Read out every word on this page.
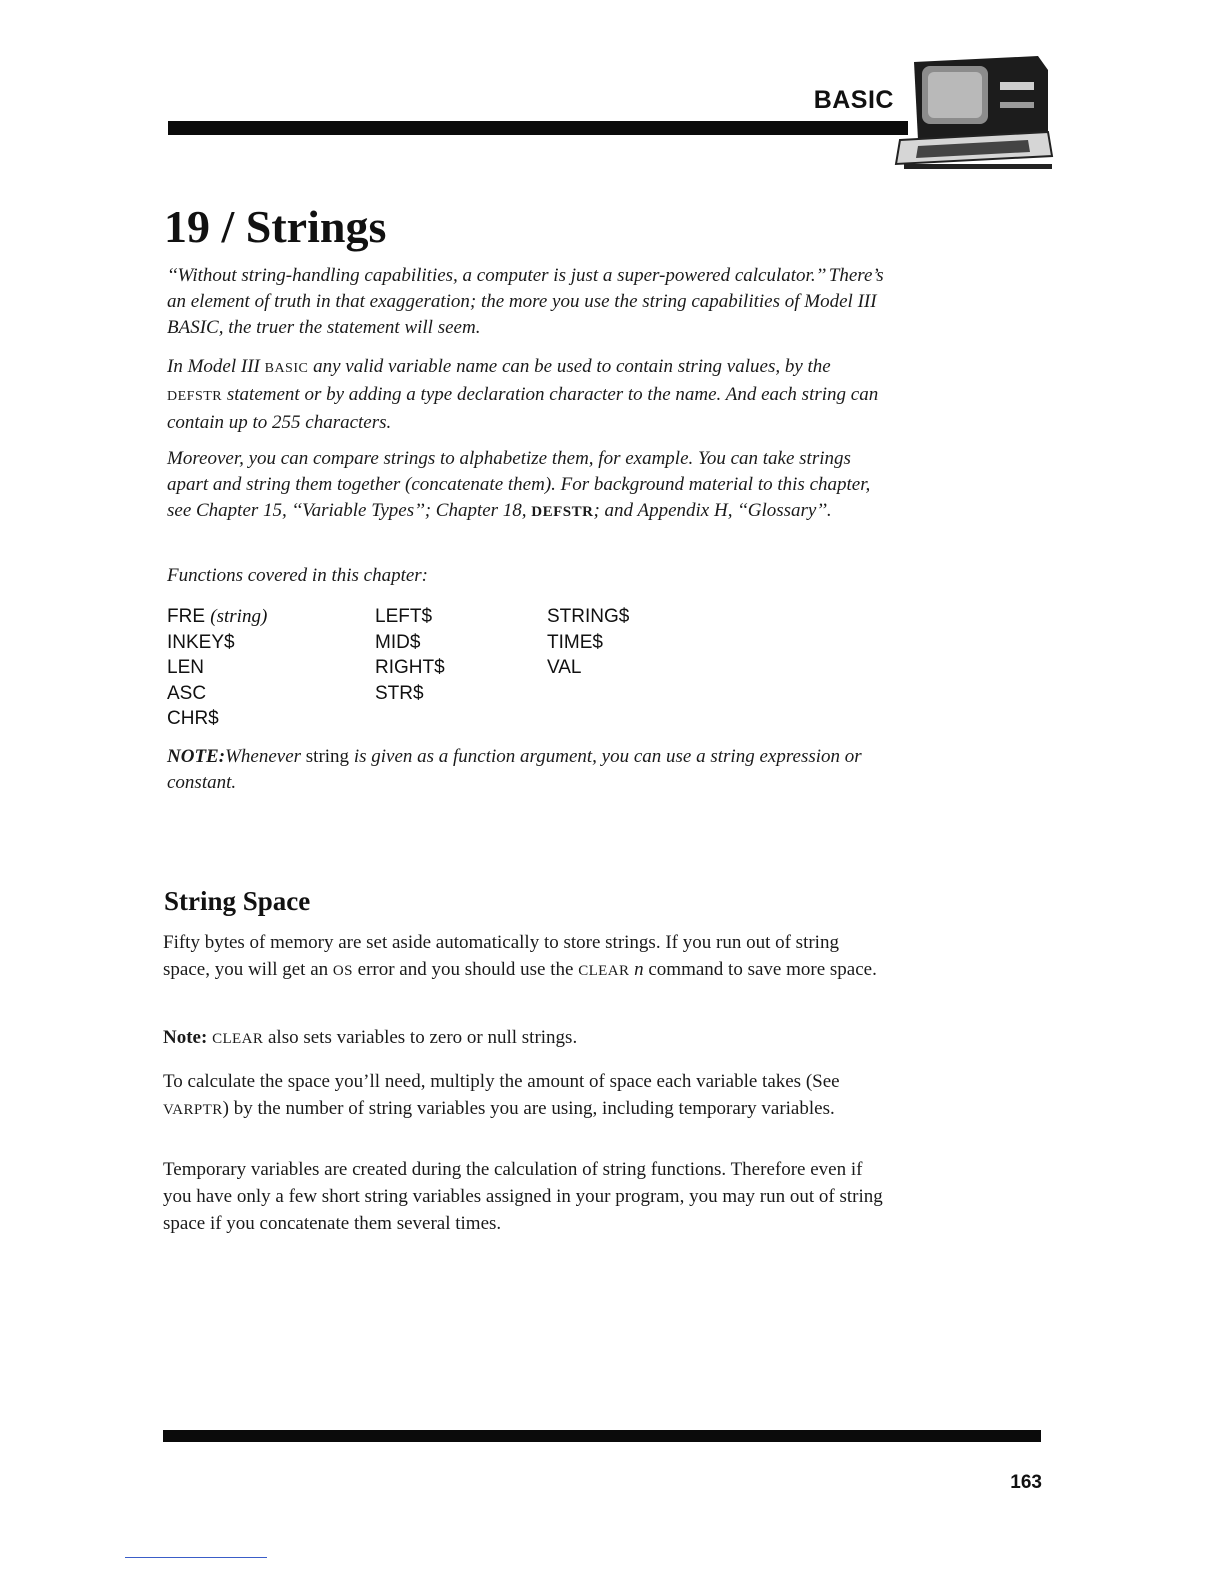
BASIC
19 / Strings

‘‘Without string-handling capabilities, a computer is just a super-powered calculator.’’ There’s an element of truth in that exaggeration; the more you use the string capabilities of Model III BASIC, the truer the statement will seem.

In Model III BASIC any valid variable name can be used to contain string values, by the DEFSTR statement or by adding a type declaration character to the name. And each string can contain up to 255 characters.

Moreover, you can compare strings to alphabetize them, for example. You can take strings apart and string them together (concatenate them). For background material to this chapter, see Chapter 15, ‘‘Variable Types’’; Chapter 18, DEFSTR; and Appendix H, ‘‘Glossary’’.

Functions covered in this chapter:

FRE (string)
INKEY$
LEN
ASC
CHR$
LEFT$
MID$
RIGHT$
STR$
STRING$
TIME$
VAL

NOTE:Whenever string is given as a function argument, you can use a string expression or constant.

String Space

Fifty bytes of memory are set aside automatically to store strings. If you run out of string space, you will get an OS error and you should use the CLEAR n command to save more space.

Note: CLEAR also sets variables to zero or null strings.

To calculate the space you’ll need, multiply the amount of space each variable takes (See VARPTR) by the number of string variables you are using, including temporary variables.

Temporary variables are created during the calculation of string functions. Therefore even if you have only a few short string variables assigned in your program, you may run out of string space if you concatenate them several times.

163
